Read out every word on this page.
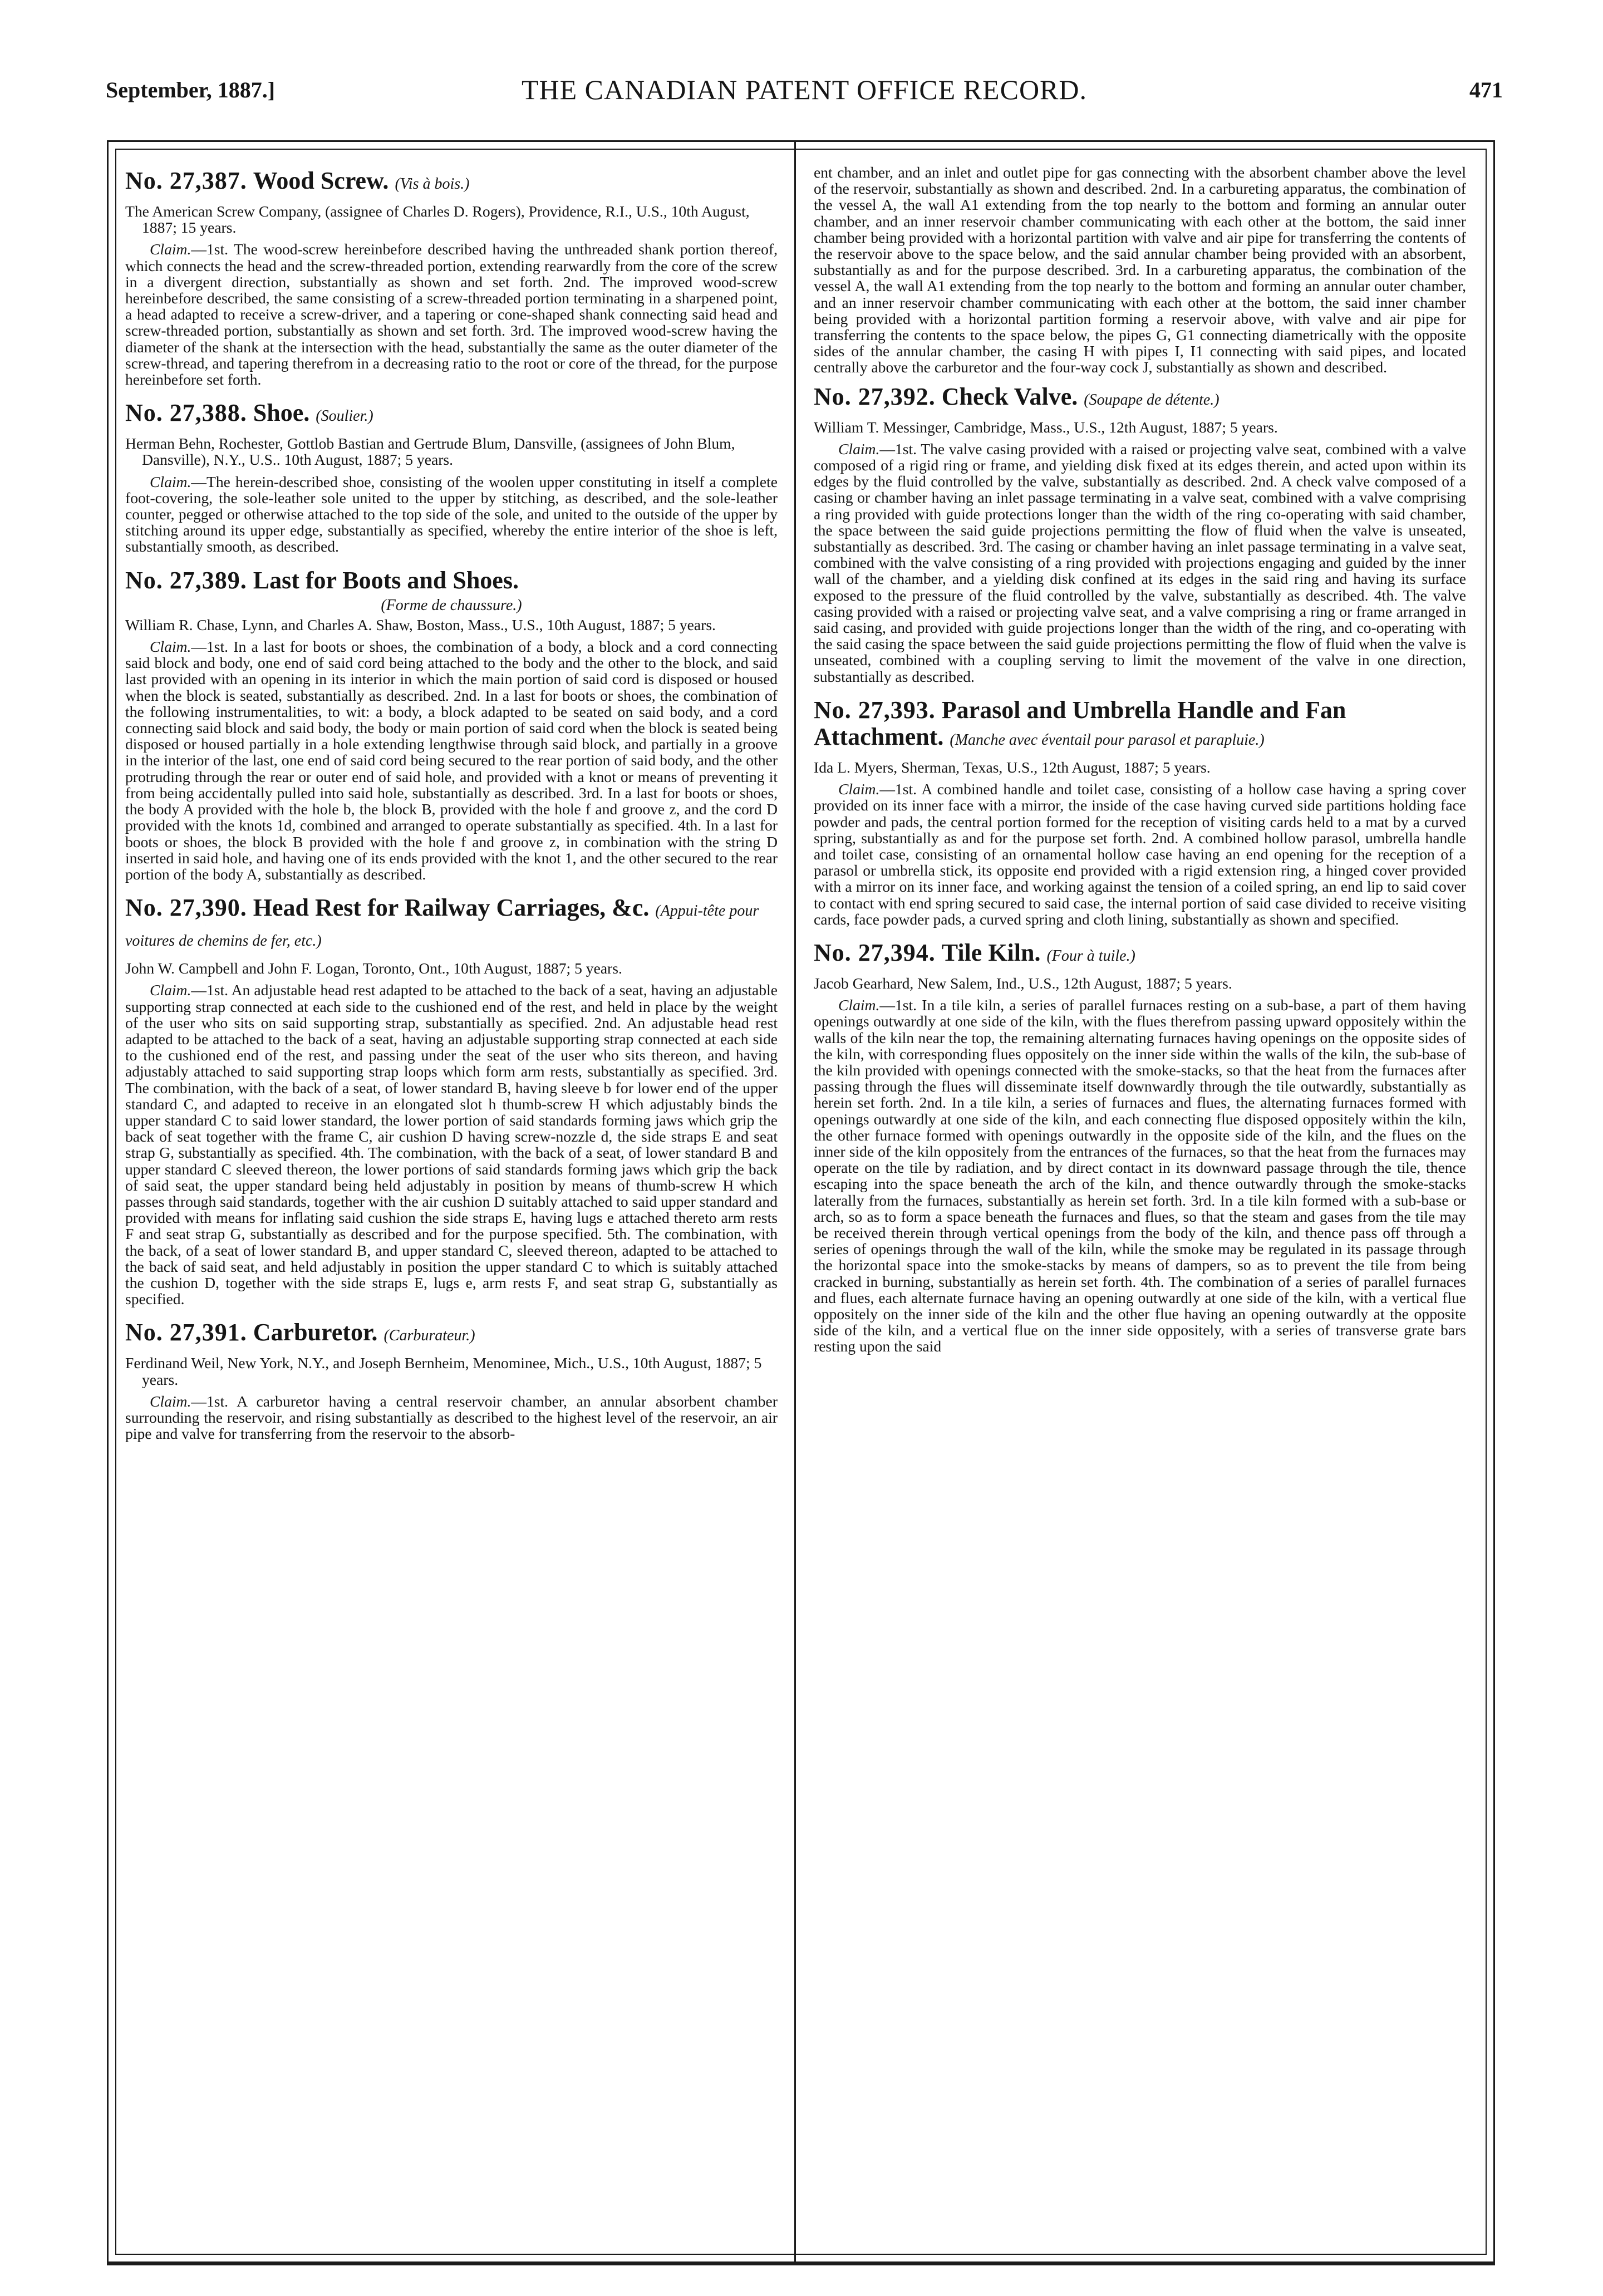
September, 1887.]	THE CANADIAN PATENT OFFICE RECORD.	471
No. 27,387. Wood Screw. (Vis à bois.)

The American Screw Company, (assignee of Charles D. Rogers), Providence, R.I., U.S., 10th August, 1887; 15 years.

Claim.—1st. The wood-screw hereinbefore described having the unthreaded shank portion thereof, which connects the head and the screw-threaded portion, extending rearwardly from the core of the screw in a divergent direction, substantially as shown and set forth. 2nd. The improved wood-screw hereinbefore described, the same consisting of a screw-threaded portion terminating in a sharpened point, a head adapted to receive a screw-driver, and a tapering or cone-shaped shank connecting said head and screw-threaded portion, substantially as shown and set forth. 3rd. The improved wood-screw having the diameter of the shank at the intersection with the head, substantially the same as the outer diameter of the screw-thread, and tapering therefrom in a decreasing ratio to the root or core of the thread, for the purpose hereinbefore set forth.

No. 27,388. Shoe. (Soulier.)

Herman Behn, Rochester, Gottlob Bastian and Gertrude Blum, Dansville, (assignees of John Blum, Dansville), N.Y., U.S.. 10th August, 1887; 5 years.

Claim.—The herein-described shoe, consisting of the woolen upper constituting in itself a complete foot-covering, the sole-leather sole united to the upper by stitching, as described, and the sole-leather counter, pegged or otherwise attached to the top side of the sole, and united to the outside of the upper by stitching around its upper edge, substantially as specified, whereby the entire interior of the shoe is left, substantially smooth, as described.

No. 27,389. Last for Boots and Shoes.
(Forme de chaussure.)

William R. Chase, Lynn, and Charles A. Shaw, Boston, Mass., U.S., 10th August, 1887; 5 years.

Claim.—1st. In a last for boots or shoes, the combination of a body, a block and a cord connecting said block and body, one end of said cord being attached to the body and the other to the block, and said last provided with an opening in its interior in which the main portion of said cord is disposed or housed when the block is seated, substantially as described. 2nd. In a last for boots or shoes, the combination of the following instrumentalities, to wit: a body, a block adapted to be seated on said body, and a cord connecting said block and said body, the body or main portion of said cord when the block is seated being disposed or housed partially in a hole extending lengthwise through said block, and partially in a groove in the interior of the last, one end of said cord being secured to the rear portion of said body, and the other protruding through the rear or outer end of said hole, and provided with a knot or means of preventing it from being accidentally pulled into said hole, substantially as described. 3rd. In a last for boots or shoes, the body A provided with the hole b, the block B, provided with the hole f and groove z, and the cord D provided with the knots 1d, combined and arranged to operate substantially as specified. 4th. In a last for boots or shoes, the block B provided with the hole f and groove z, in combination with the string D inserted in said hole, and having one of its ends provided with the knot 1, and the other secured to the rear portion of the body A, substantially as described.

No. 27,390. Head Rest for Railway Carriages, &c. (Appui-tête pour voitures de chemins de fer, etc.)

John W. Campbell and John F. Logan, Toronto, Ont., 10th August, 1887; 5 years.

Claim.—1st. An adjustable head rest adapted to be attached to the back of a seat, having an adjustable supporting strap connected at each side to the cushioned end of the rest, and held in place by the weight of the user who sits on said supporting strap, substantially as specified. 2nd. An adjustable head rest adapted to be attached to the back of a seat, having an adjustable supporting strap connected at each side to the cushioned end of the rest, and passing under the seat of the user who sits thereon, and having adjustably attached to said supporting strap loops which form arm rests, substantially as specified. 3rd. The combination, with the back of a seat, of lower standard B, having sleeve b for lower end of the upper standard C, and adapted to receive in an elongated slot h thumb-screw H which adjustably binds the upper standard C to said lower standard, the lower portion of said standards forming jaws which grip the back of seat together with the frame C, air cushion D having screw-nozzle d, the side straps E and seat strap G, substantially as specified. 4th. The combination, with the back of a seat, of lower standard B and upper standard C sleeved thereon, the lower portions of said standards forming jaws which grip the back of said seat, the upper standard being held adjustably in position by means of thumb-screw H which passes through said standards, together with the air cushion D suitably attached to said upper standard and provided with means for inflating said cushion the side straps E, having lugs e attached thereto arm rests F and seat strap G, substantially as described and for the purpose specified. 5th. The combination, with the back, of a seat of lower standard B, and upper standard C, sleeved thereon, adapted to be attached to the back of said seat, and held adjustably in position the upper standard C to which is suitably attached the cushion D, together with the side straps E, lugs e, arm rests F, and seat strap G, substantially as specified.

No. 27,391. Carburetor. (Carburateur.)

Ferdinand Weil, New York, N.Y., and Joseph Bernheim, Menominee, Mich., U.S., 10th August, 1887; 5 years.

Claim.—1st. A carburetor having a central reservoir chamber, an annular absorbent chamber surrounding the reservoir, and rising substantially as described to the highest level of the reservoir, an air pipe and valve for transferring from the reservoir to the absorb-

ent chamber, and an inlet and outlet pipe for gas connecting with the absorbent chamber above the level of the reservoir, substantially as shown and described. 2nd. In a carbureting apparatus, the combination of the vessel A, the wall A1 extending from the top nearly to the bottom and forming an annular outer chamber, and an inner reservoir chamber communicating with each other at the bottom, the said inner chamber being provided with a horizontal partition with valve and air pipe for transferring the contents of the reservoir above to the space below, and the said annular chamber being provided with an absorbent, substantially as and for the purpose described. 3rd. In a carbureting apparatus, the combination of the vessel A, the wall A1 extending from the top nearly to the bottom and forming an annular outer chamber, and an inner reservoir chamber communicating with each other at the bottom, the said inner chamber being provided with a horizontal partition forming a reservoir above, with valve and air pipe for transferring the contents to the space below, the pipes G, G1 connecting diametrically with the opposite sides of the annular chamber, the casing H with pipes I, I1 connecting with said pipes, and located centrally above the carburetor and the four-way cock J, substantially as shown and described.

No. 27,392. Check Valve. (Soupape de détente.)

William T. Messinger, Cambridge, Mass., U.S., 12th August, 1887; 5 years.

Claim.—1st. The valve casing provided with a raised or projecting valve seat, combined with a valve composed of a rigid ring or frame, and yielding disk fixed at its edges therein, and acted upon within its edges by the fluid controlled by the valve, substantially as described. 2nd. A check valve composed of a casing or chamber having an inlet passage terminating in a valve seat, combined with a valve comprising a ring provided with guide protections longer than the width of the ring co-operating with said chamber, the space between the said guide projections permitting the flow of fluid when the valve is unseated, substantially as described. 3rd. The casing or chamber having an inlet passage terminating in a valve seat, combined with the valve consisting of a ring provided with projections engaging and guided by the inner wall of the chamber, and a yielding disk confined at its edges in the said ring and having its surface exposed to the pressure of the fluid controlled by the valve, substantially as described. 4th. The valve casing provided with a raised or projecting valve seat, and a valve comprising a ring or frame arranged in said casing, and provided with guide projections longer than the width of the ring, and co-operating with the said casing the space between the said guide projections permitting the flow of fluid when the valve is unseated, combined with a coupling serving to limit the movement of the valve in one direction, substantially as described.

No. 27,393. Parasol and Umbrella Handle and Fan Attachment. (Manche avec éventail pour parasol et parapluie.)

Ida L. Myers, Sherman, Texas, U.S., 12th August, 1887; 5 years.

Claim.—1st. A combined handle and toilet case, consisting of a hollow case having a spring cover provided on its inner face with a mirror, the inside of the case having curved side partitions holding face powder and pads, the central portion formed for the reception of visiting cards held to a mat by a curved spring, substantially as and for the purpose set forth. 2nd. A combined hollow parasol, umbrella handle and toilet case, consisting of an ornamental hollow case having an end opening for the reception of a parasol or umbrella stick, its opposite end provided with a rigid extension ring, a hinged cover provided with a mirror on its inner face, and working against the tension of a coiled spring, an end lip to said cover to contact with end spring secured to said case, the internal portion of said case divided to receive visiting cards, face powder pads, a curved spring and cloth lining, substantially as shown and specified.

No. 27,394. Tile Kiln. (Four à tuile.)

Jacob Gearhard, New Salem, Ind., U.S., 12th August, 1887; 5 years.

Claim.—1st. In a tile kiln, a series of parallel furnaces resting on a sub-base, a part of them having openings outwardly at one side of the kiln, with the flues therefrom passing upward oppositely within the walls of the kiln near the top, the remaining alternating furnaces having openings on the opposite sides of the kiln, with corresponding flues oppositely on the inner side within the walls of the kiln, the sub-base of the kiln provided with openings connected with the smoke-stacks, so that the heat from the furnaces after passing through the flues will disseminate itself downwardly through the tile outwardly, substantially as herein set forth. 2nd. In a tile kiln, a series of furnaces and flues, the alternating furnaces formed with openings outwardly at one side of the kiln, and each connecting flue disposed oppositely within the kiln, the other furnace formed with openings outwardly in the opposite side of the kiln, and the flues on the inner side of the kiln oppositely from the entrances of the furnaces, so that the heat from the furnaces may operate on the tile by radiation, and by direct contact in its downward passage through the tile, thence escaping into the space beneath the arch of the kiln, and thence outwardly through the smoke-stacks laterally from the furnaces, substantially as herein set forth. 3rd. In a tile kiln formed with a sub-base or arch, so as to form a space beneath the furnaces and flues, so that the steam and gases from the tile may be received therein through vertical openings from the body of the kiln, and thence pass off through a series of openings through the wall of the kiln, while the smoke may be regulated in its passage through the horizontal space into the smoke-stacks by means of dampers, so as to prevent the tile from being cracked in burning, substantially as herein set forth. 4th. The combination of a series of parallel furnaces and flues, each alternate furnace having an opening outwardly at one side of the kiln, with a vertical flue oppositely on the inner side of the kiln and the other flue having an opening outwardly at the opposite side of the kiln, and a vertical flue on the inner side oppositely, with a series of transverse grate bars resting upon the said
